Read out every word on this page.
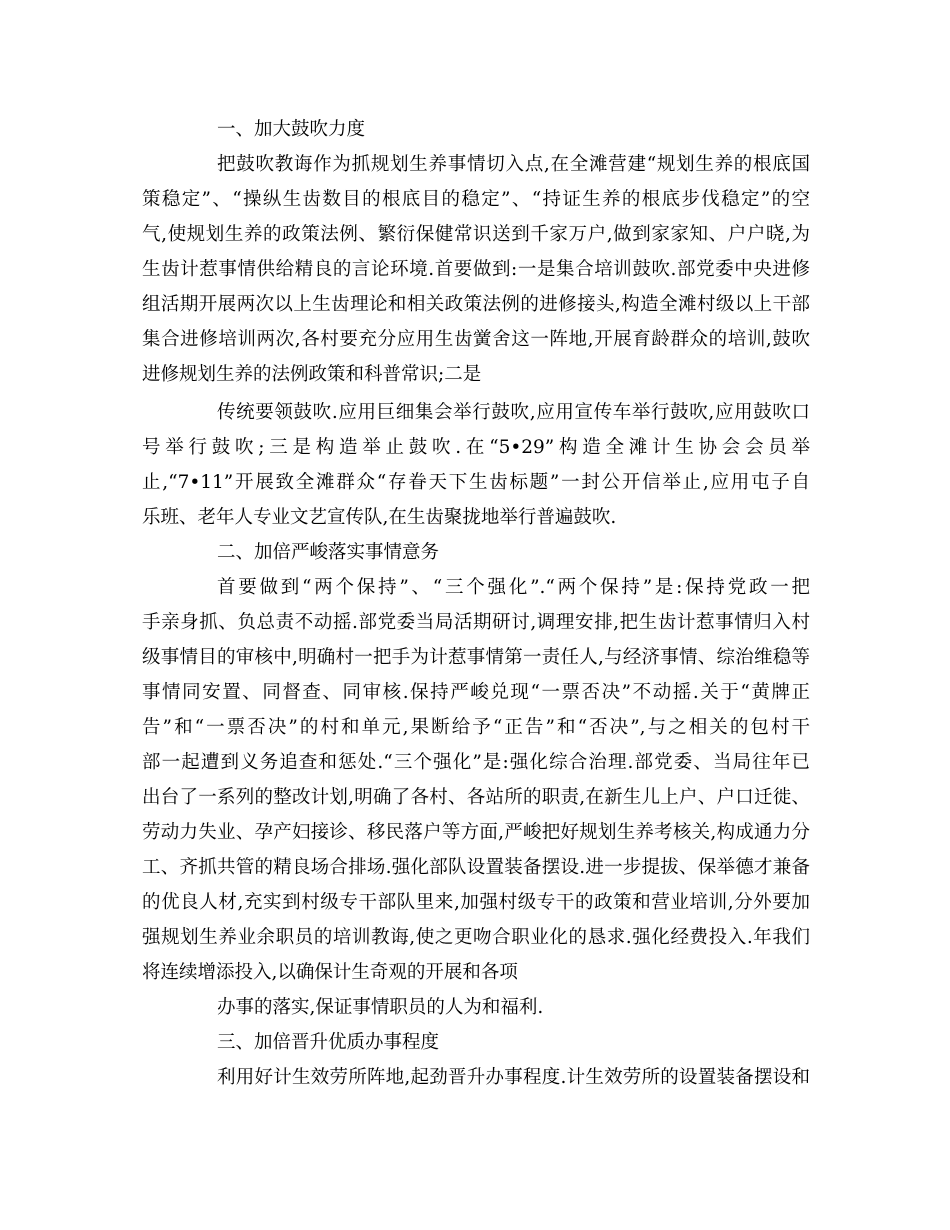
一、加大鼓吹力度
把鼓吹教诲作为抓规划生养事情切入点,在全滩营建“规划生养的根底国
策稳定”、“操纵生齿数目的根底目的稳定”、“持证生养的根底步伐稳定”的空
气,使规划生养的政策法例、繁衍保健常识送到千家万户,做到家家知、户户晓,为
生齿计惹事情供给精良的言论环境.首要做到:一是集合培训鼓吹.部党委中央进修
组活期开展两次以上生齿理论和相关政策法例的进修接头,构造全滩村级以上干部
集合进修培训两次,各村要充分应用生齿黉舍这一阵地,开展育龄群众的培训,鼓吹
进修规划生养的法例政策和科普常识;二是
传统要领鼓吹.应用巨细集会举行鼓吹,应用宣传车举行鼓吹,应用鼓吹口
号举行鼓吹;三是构造举止鼓吹.在“5•29”构造全滩计生协会会员举
止,“7•11”开展致全滩群众“存眷天下生齿标题”一封公开信举止,应用屯子自
乐班、老年人专业文艺宣传队,在生齿聚拢地举行普遍鼓吹.
二、加倍严峻落实事情意务
首要做到“两个保持”、“三个强化”.“两个保持”是:保持党政一把
手亲身抓、负总责不动摇.部党委当局活期研讨,调理安排,把生齿计惹事情归入村
级事情目的审核中,明确村一把手为计惹事情第一责任人,与经济事情、综治维稳等
事情同安置、同督查、同审核.保持严峻兑现“一票否决”不动摇.关于“黄牌正
告”和“一票否决”的村和单元,果断给予“正告”和“否决”,与之相关的包村干
部一起遭到义务追查和惩处.“三个强化”是:强化综合治理.部党委、当局往年已
出台了一系列的整改计划,明确了各村、各站所的职责,在新生儿上户、户口迁徙、
劳动力失业、孕产妇接诊、移民落户等方面,严峻把好规划生养考核关,构成通力分
工、齐抓共管的精良场合排场.强化部队设置装备摆设.进一步提拔、保举德才兼备
的优良人材,充实到村级专干部队里来,加强村级专干的政策和营业培训,分外要加
强规划生养业余职员的培训教诲,使之更吻合职业化的恳求.强化经费投入.年我们
将连续增添投入,以确保计生奇观的开展和各项
办事的落实,保证事情职员的人为和福利.
三、加倍晋升优质办事程度
利用好计生效劳所阵地,起劲晋升办事程度.计生效劳所的设置装备摆设和
